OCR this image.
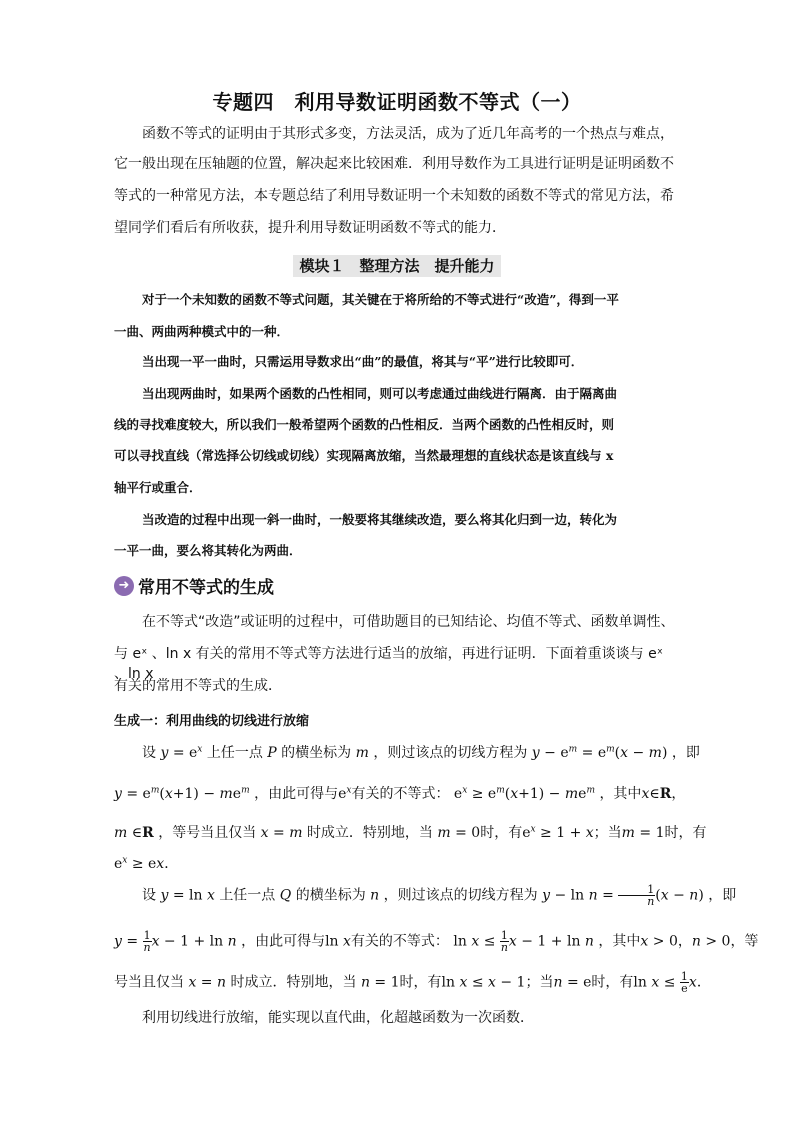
专题四　利用导数证明函数不等式（一）
函数不等式的证明由于其形式多变，方法灵活，成为了近几年高考的一个热点与难点，
它一般出现在压轴题的位置，解决起来比较困难．利用导数作为工具进行证明是证明函数不
等式的一种常见方法，本专题总结了利用导数证明一个未知数的函数不等式的常见方法，希
望同学们看后有所收获，提升利用导数证明函数不等式的能力．
模块１　整理方法　提升能力
对于一个未知数的函数不等式问题，其关键在于将所给的不等式进行“改造”，得到一平
一曲、两曲两种模式中的一种．
当出现一平一曲时，只需运用导数求出“曲”的最值，将其与“平”进行比较即可．
当出现两曲时，如果两个函数的凸性相同，则可以考虑通过曲线进行隔离．由于隔离曲
线的寻找难度较大，所以我们一般希望两个函数的凸性相反．当两个函数的凸性相反时，则
可以寻找直线（常选择公切线或切线）实现隔离放缩，当然最理想的直线状态是该直线与 x
轴平行或重合．
当改造的过程中出现一斜一曲时，一般要将其继续改造，要么将其化归到一边，转化为
一平一曲，要么将其转化为两曲．
➜ 常用不等式的生成
在不等式“改造”或证明的过程中，可借助题目的已知结论、均值不等式、函数单调性、
与 eˣ 、ln x 有关的常用不等式等方法进行适当的放缩，再进行证明．下面着重谈谈与 eˣ 、ln x
有关的常用不等式的生成．
生成一：利用曲线的切线进行放缩
设 $y = e^x$ 上任一点 P 的横坐标为 m ，则过该点的切线方程为 $y - e^m = e^m(x - m)$ ，即
$y = e^m(x+1) - me^m$ ，由此可得与$e^x$有关的不等式： $e^x \ge e^m(x+1) - me^m$ ，其中x∈R，
m ∈R ，等号当且仅当 x = m 时成立．特别地，当 m = 0时，有$e^x \ge 1 + x$；当m = 1时，有
$e^x$ ≥ ex．
设 y = ln x 上任一点 Q 的横坐标为 n ，则过该点的切线方程为 $y - \ln n = \frac{1}{n} (x - n)$ ，即
$y = \frac{1}{n}$ x − 1 + ln n ，由此可得与ln x有关的不等式： $\ln x \le \frac{1}{n}$ x − 1 + ln n ，其中x > 0，n > 0，等
号当且仅当 x = n 时成立．特别地，当 n = 1时，有ln x ≤ x − 1；当n = e时，有$\ln x \le \frac{1}{e}$ x．
利用切线进行放缩，能实现以直代曲，化超越函数为一次函数．
